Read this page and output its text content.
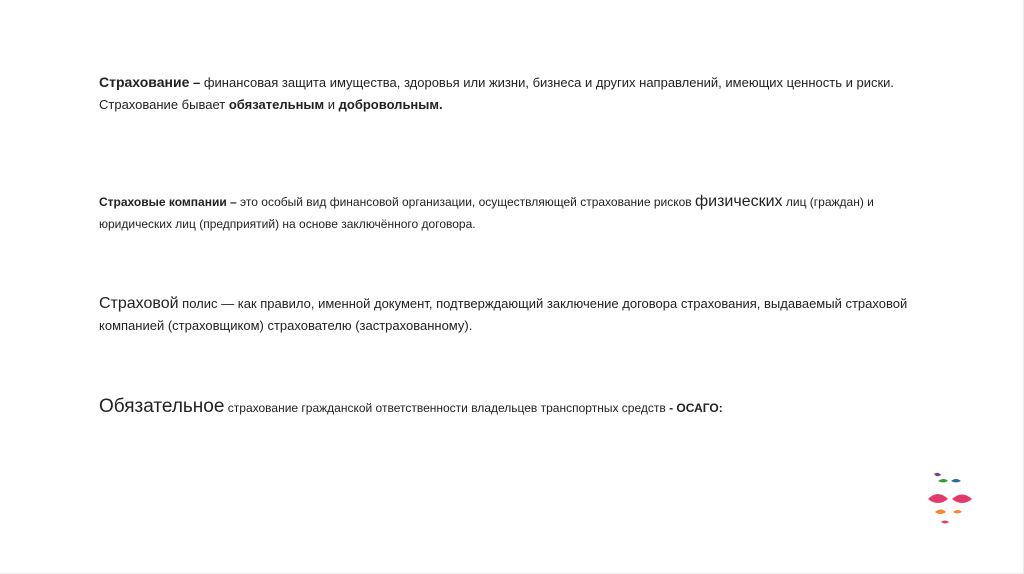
Страхование – финансовая защита имущества, здоровья или жизни, бизнеса и других направлений, имеющих ценность и риски. Страхование бывает обязательным и добровольным.

Страховые компании – это особый вид финансовой организации, осуществляющей страхование рисков физических лиц (граждан) и юридических лиц (предприятий) на основе заключённого договора.

Страховой полис — как правило, именной документ, подтверждающий заключение договора страхования, выдаваемый страховой компанией (страховщиком) страхователю (застрахованному).

Обязательное страхование гражданской ответственности владельцев транспортных средств - ОСАГО:
